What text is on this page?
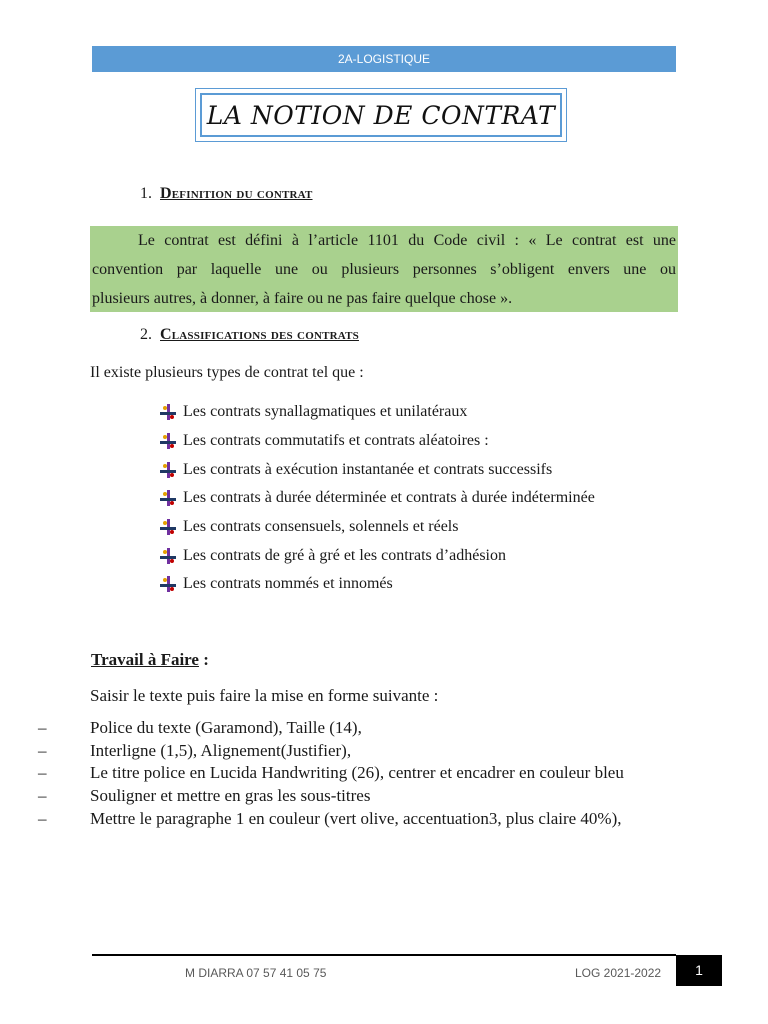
2A-LOGISTIQUE
LA NOTION DE CONTRAT
1. Definition du contrat
Le contrat est défini à l’article 1101 du Code civil : « Le contrat est une
convention par laquelle une ou plusieurs personnes s’obligent envers une ou
plusieurs autres, à donner, à faire ou ne pas faire quelque chose ».
2. Classifications des contrats
Il existe plusieurs types de contrat tel que :
Les contrats synallagmatiques et unilatéraux
Les contrats commutatifs et contrats aléatoires :
Les contrats à exécution instantanée et contrats successifs
Les contrats à durée déterminée et contrats à durée indéterminée
Les contrats consensuels, solennels et réels
Les contrats de gré à gré et les contrats d’adhésion
Les contrats nommés et innomés
Travail à Faire :
Saisir le texte puis faire la mise en forme suivante :
–	Police du texte (Garamond), Taille (14),
–	Interligne (1,5), Alignement(Justifier),
–	Le titre police en Lucida Handwriting (26), centrer et encadrer en couleur bleu
–	Souligner et mettre en gras les sous-titres
–	Mettre le paragraphe 1 en couleur (vert olive, accentuation3, plus claire 40%),
M DIARRA 07 57 41 05 75	LOG 2021-2022	1
